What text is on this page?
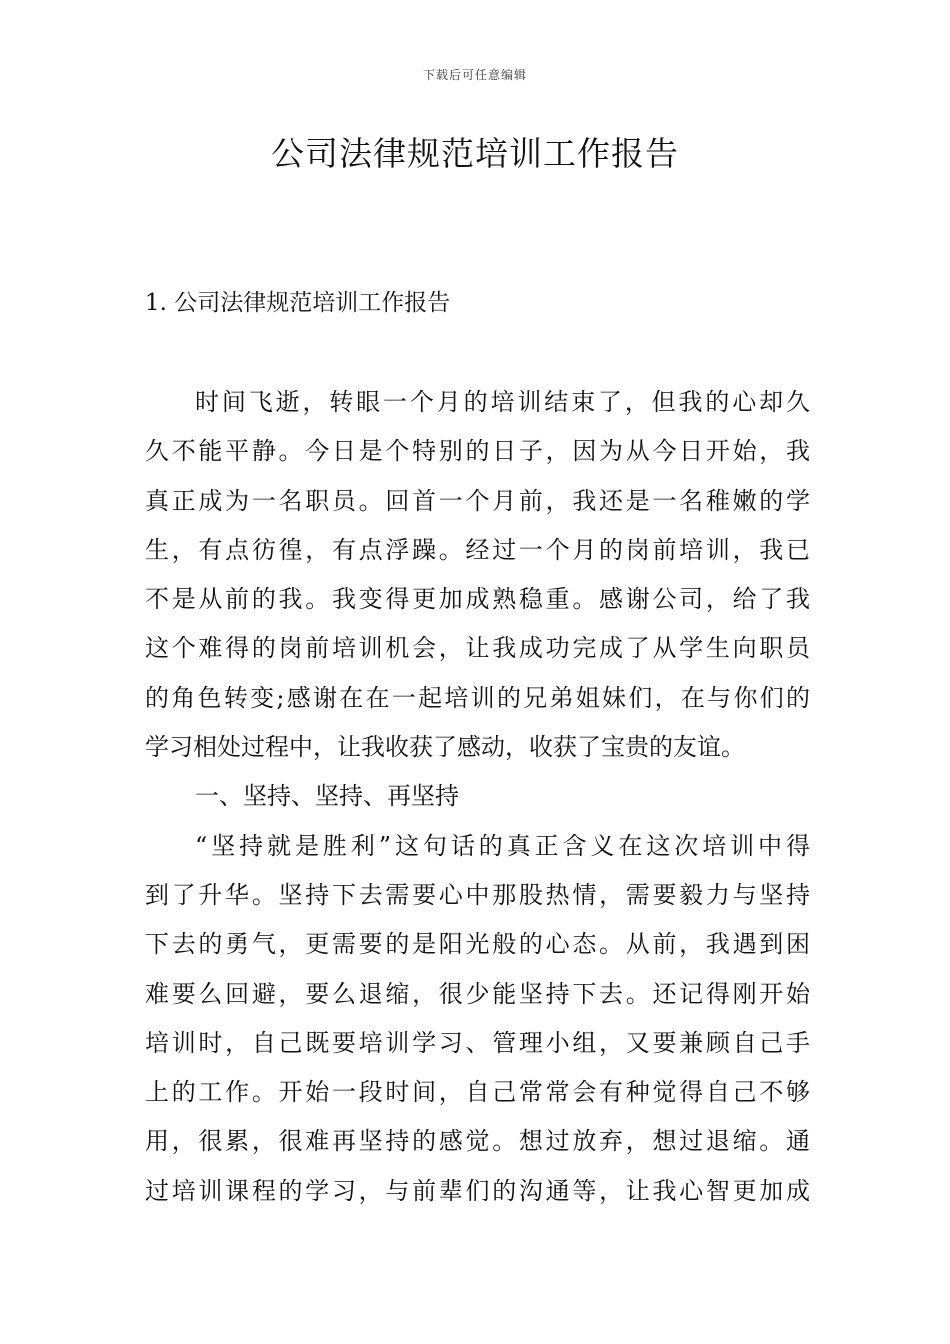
下载后可任意编辑
公司法律规范培训工作报告
1. 公司法律规范培训工作报告
时间飞逝，转眼一个月的培训结束了，但我的心却久
久不能平静。今日是个特别的日子，因为从今日开始，我
真正成为一名职员。回首一个月前，我还是一名稚嫩的学
生，有点彷徨，有点浮躁。经过一个月的岗前培训，我已
不是从前的我。我变得更加成熟稳重。感谢公司，给了我
这个难得的岗前培训机会，让我成功完成了从学生向职员
的角色转变;感谢在在一起培训的兄弟姐妹们，在与你们的
学习相处过程中，让我收获了感动，收获了宝贵的友谊。
一、坚持、坚持、再坚持
“坚持就是胜利”这句话的真正含义在这次培训中得
到了升华。坚持下去需要心中那股热情，需要毅力与坚持
下去的勇气，更需要的是阳光般的心态。从前，我遇到困
难要么回避，要么退缩，很少能坚持下去。还记得刚开始
培训时，自己既要培训学习、管理小组，又要兼顾自己手
上的工作。开始一段时间，自己常常会有种觉得自己不够
用，很累，很难再坚持的感觉。想过放弃，想过退缩。通
过培训课程的学习，与前辈们的沟通等，让我心智更加成
